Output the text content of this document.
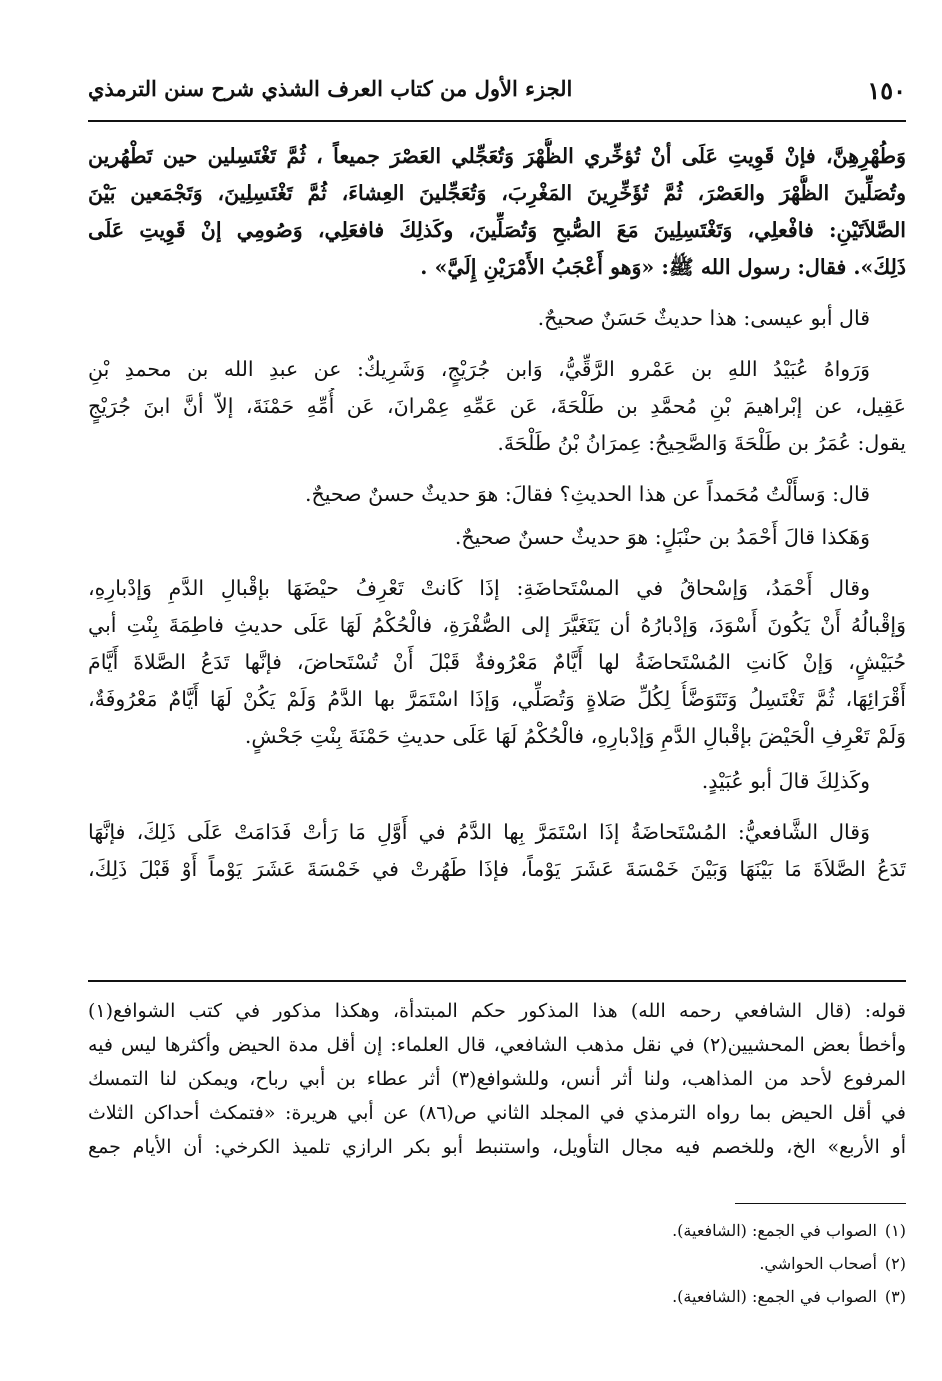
١٥٠
الجزء الأول من كتاب العرف الشذي شرح سنن الترمذي
وَطُهْرِهِنَّ، فإنْ قَوِيتِ عَلَى أنْ تُؤخِّري الظُّهْرَ وَتُعَجِّلي العَصْرَ جميعاً ، ثُمَّ تَغْتَسِلين حين تَطْهُرين
وتُصَلِّينَ الظُّهْرَ والعَصْرَ، ثُمَّ تُؤَخِّرِينَ المَغْرِبَ، وَتُعَجِّلينَ العِشاءَ، ثُمَّ تَغْتَسِلِينَ، وَتَجْمَعين بَيْنَ
الصَّلاَتَيْنِ: فافْعلِي، وَتَغْتَسِلِينَ مَعَ الصُّبحِ وَتُصَلِّينَ، وكَذلِكَ فافعَلِي، وَصُومِي إنْ قَوِيتِ عَلَى
ذَلِكَ». فقال: رسول الله ﷺ: «وَهو أَعْجَبُ الأَمْرَيْنِ إِلَيَّ» .
قال أبو عيسى: هذا حديثٌ حَسَنٌ صحيحٌ.
وَرَواهُ عُبَيْدُ اللهِ بن عَمْرو الرَّقِّيُّ، وَابن جُرَيْجٍ، وَشَرِيكٌ: عن عبدِ الله بن محمدِ بْنِ
عَقِيل، عن إبْراهيمَ بْنِ مُحمَّدِ بن طَلْحَةَ، عَن عَمِّهِ عِمْرانَ، عَن أُمِّهِ حَمْنَةَ، إلاّ أنَّ ابنَ جُرَيْجٍ
يقول: عُمَرُ بن طَلْحَةَ وَالصَّحِيحُ: عِمرَانُ بْنُ طَلْحَةَ.
قال: وَسأَلْتُ مُحَمداً عن هذا الحديثِ؟ فقالَ: هوَ حديثٌ حسنٌ صحيحٌ.
وَهَكذا قالَ أَحْمَدُ بن حنْبَلٍ: هوَ حديثٌ حسنٌ صحيحٌ.
وقال أَحْمَدُ، وَإسْحاقُ في المسْتَحاضَةِ: إذَا كَانتْ تَعْرِفُ حيْضَهَا بإقْبالِ الدَّمِ وَإدْبارِهِ،
وَإقْبالُهُ أَنْ يَكُونَ أَسْوَدَ، وَإدْبارُهُ أن يَتَغَيَّرَ إلى الصُّفْرَةِ، فالْحُكْمُ لَهَا عَلَى حديثِ فاطِمَةَ بِنْتِ أبي
حُبَيْشٍ، وَإنْ كَانتِ المُسْتَحاضَةُ لها أَيَّامٌ مَعْرُوفةٌ قَبْلَ أَنْ تُسْتَحاضَ، فإنَّها تَدَعُ الصَّلاةَ أَيَّامَ
أَقْرَائِهَا، ثُمَّ تَغْتَسِلُ وَتَتَوَضَّأُ لِكُلِّ صَلاةٍ وَتُصَلِّي، وَإذَا اسْتَمَرَّ بها الدَّمُ وَلَمْ يَكُنْ لَهَا أَيَّامٌ مَعْرُوفَةٌ،
وَلَمْ تَعْرِفِ الْحَيْضَ بإقْبالِ الدَّمِ وَإدْبارِهِ، فالْحُكْمُ لَهَا عَلَى حديثِ حَمْنَةَ بِنْتِ جَحْشٍ.
وكَذلِكَ قالَ أبو عُبَيْدٍ.
وَقال الشَّافعيُّ: المُسْتَحاضَةُ إذَا اسْتَمَرَّ بِها الدَّمُ في أَوَّلِ مَا رَأتْ فَدَامَتْ عَلَى ذَلِكَ، فإنَّهَا
تَدَعُ الصَّلاَةَ مَا بَيْنَهَا وَبَيْنَ خَمْسَةَ عَشَرَ يَوْماً، فإذَا طَهُرتْ في خَمْسَةَ عَشَرَ يَوْماً أَوْ قَبْلَ ذَلِكَ،
قوله: (قال الشافعي رحمه الله) هذا المذكور حكم المبتدأة، وهكذا مذكور في كتب الشوافع(١)
وأخطأ بعض المحشيين(٢) في نقل مذهب الشافعي، قال العلماء: إن أقل مدة الحيض وأكثرها ليس فيه
المرفوع لأحد من المذاهب، ولنا أثر أنس، وللشوافع(٣) أثر عطاء بن أبي رباح، ويمكن لنا التمسك
في أقل الحيض بما رواه الترمذي في المجلد الثاني ص(٨٦) عن أبي هريرة: «فتمكث أحداكن الثلاث
أو الأربع» الخ، وللخصم فيه مجال التأويل، واستنبط أبو بكر الرازي تلميذ الكرخي: أن الأيام جمع
(١)الصواب في الجمع: (الشافعية).
(٢)أصحاب الحواشي.
(٣)الصواب في الجمع: (الشافعية).
